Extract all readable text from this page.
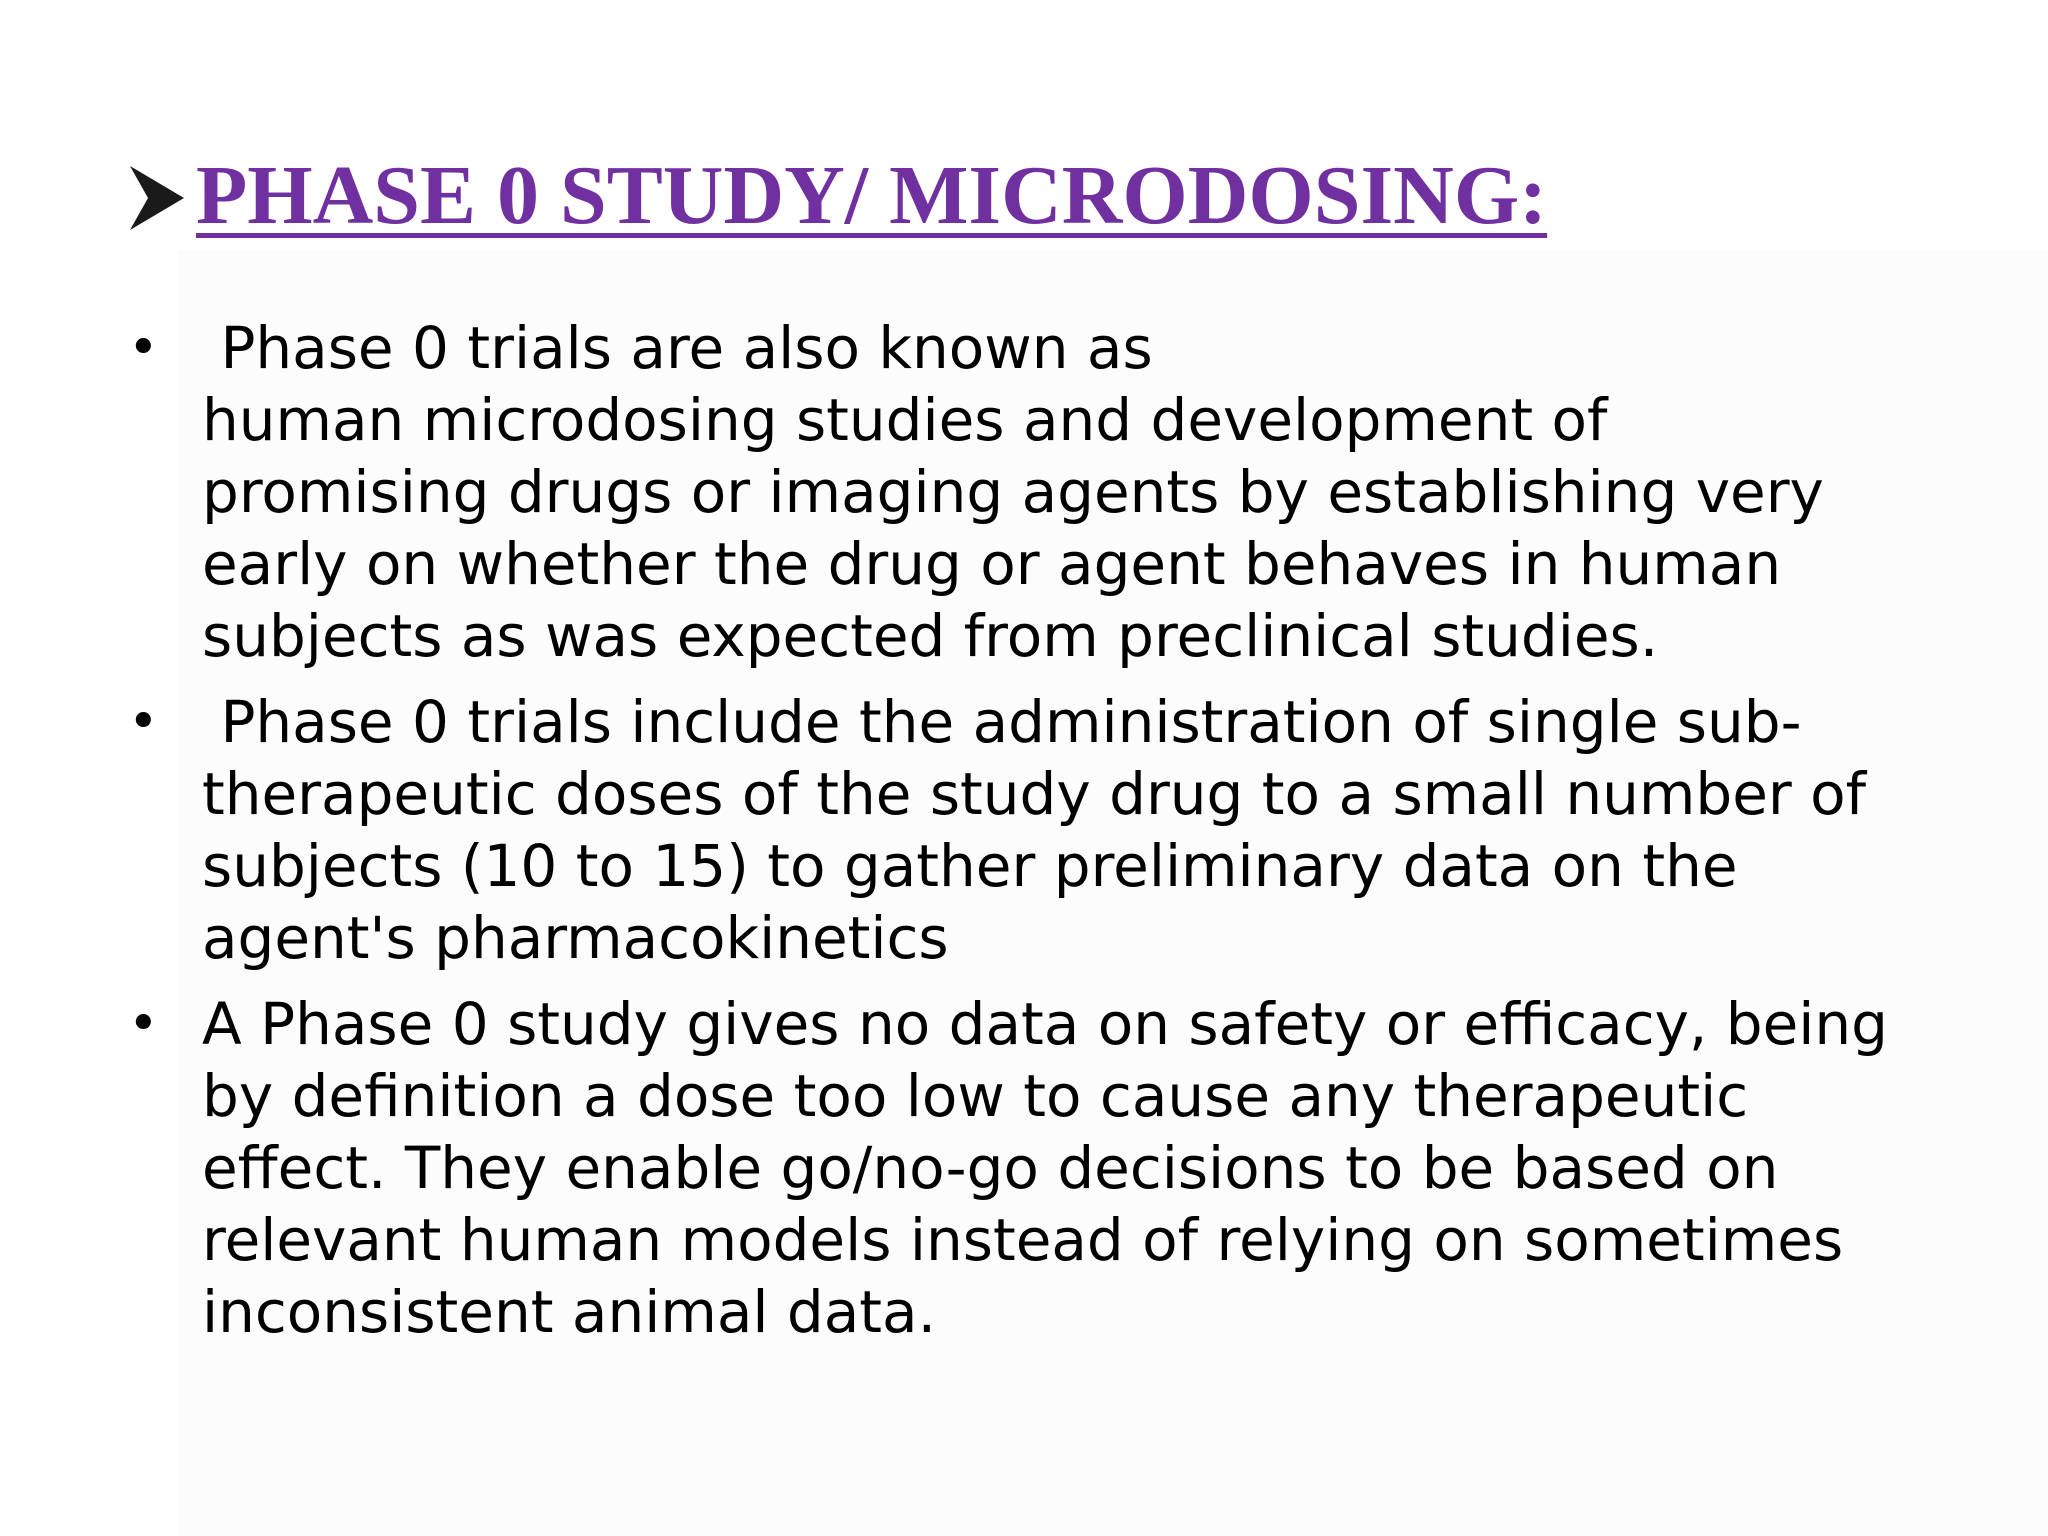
PHASE 0 STUDY/ MICRODOSING:
• Phase 0 trials are also known as
human microdosing studies and development of
promising drugs or imaging agents by establishing very
early on whether the drug or agent behaves in human
subjects as was expected from preclinical studies.
• Phase 0 trials include the administration of single sub-
therapeutic doses of the study drug to a small number of
subjects (10 to 15) to gather preliminary data on the
agent's pharmacokinetics
• A Phase 0 study gives no data on safety or efficacy, being
by definition a dose too low to cause any therapeutic
effect. They enable go/no-go decisions to be based on
relevant human models instead of relying on sometimes
inconsistent animal data.
